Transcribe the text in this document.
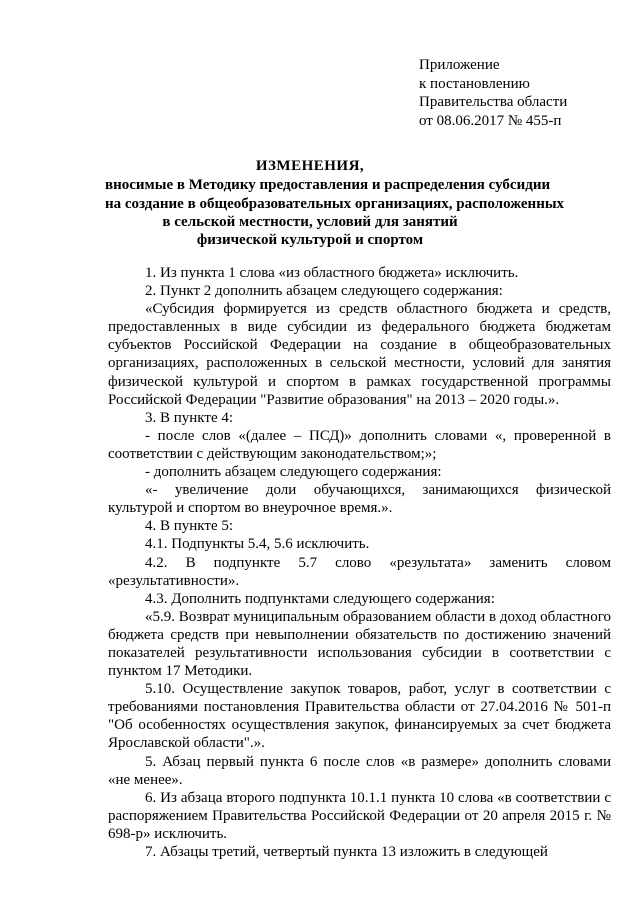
Приложение
к постановлению
Правительства области
от 08.06.2017 № 455-п
ИЗМЕНЕНИЯ,
вносимые в Методику предоставления и распределения субсидии
на создание в общеобразовательных организациях, расположенных
в сельской местности, условий для занятий
физической культурой и спортом

1. Из пункта 1 слова «из областного бюджета» исключить.

2. Пункт 2 дополнить абзацем следующего содержания:

«Субсидия формируется из средств областного бюджета и средств, предоставленных в виде субсидии из федерального бюджета бюджетам субъектов Российской Федерации на создание в общеобразовательных организациях, расположенных в сельской местности, условий для занятия физической культурой и спортом в рамках государственной программы Российской Федерации "Развитие образования" на 2013 – 2020 годы.».

3. В пункте 4:

- после слов «(далее – ПСД)» дополнить словами «, проверенной в соответствии с действующим законодательством;»;

- дополнить абзацем следующего содержания:

«- увеличение доли обучающихся, занимающихся физической культурой и спортом во внеурочное время.».

4. В пункте 5:

4.1. Подпункты 5.4, 5.6 исключить.

4.2. В подпункте 5.7 слово «результата» заменить словом «результативности».

4.3. Дополнить подпунктами следующего содержания:

«5.9. Возврат муниципальным образованием области в доход областного бюджета средств при невыполнении обязательств по достижению значений показателей результативности использования субсидии в соответствии с пунктом 17 Методики.

5.10. Осуществление закупок товаров, работ, услуг в соответствии с требованиями постановления Правительства области от 27.04.2016 № 501-п "Об особенностях осуществления закупок, финансируемых за счет бюджета Ярославской области".».

5. Абзац первый пункта 6 после слов «в размере» дополнить словами «не менее».

6. Из абзаца второго подпункта 10.1.1 пункта 10 слова «в соответствии с распоряжением Правительства Российской Федерации от 20 апреля 2015 г. № 698-р» исключить.

7. Абзацы третий, четвертый пункта 13 изложить в следующей
